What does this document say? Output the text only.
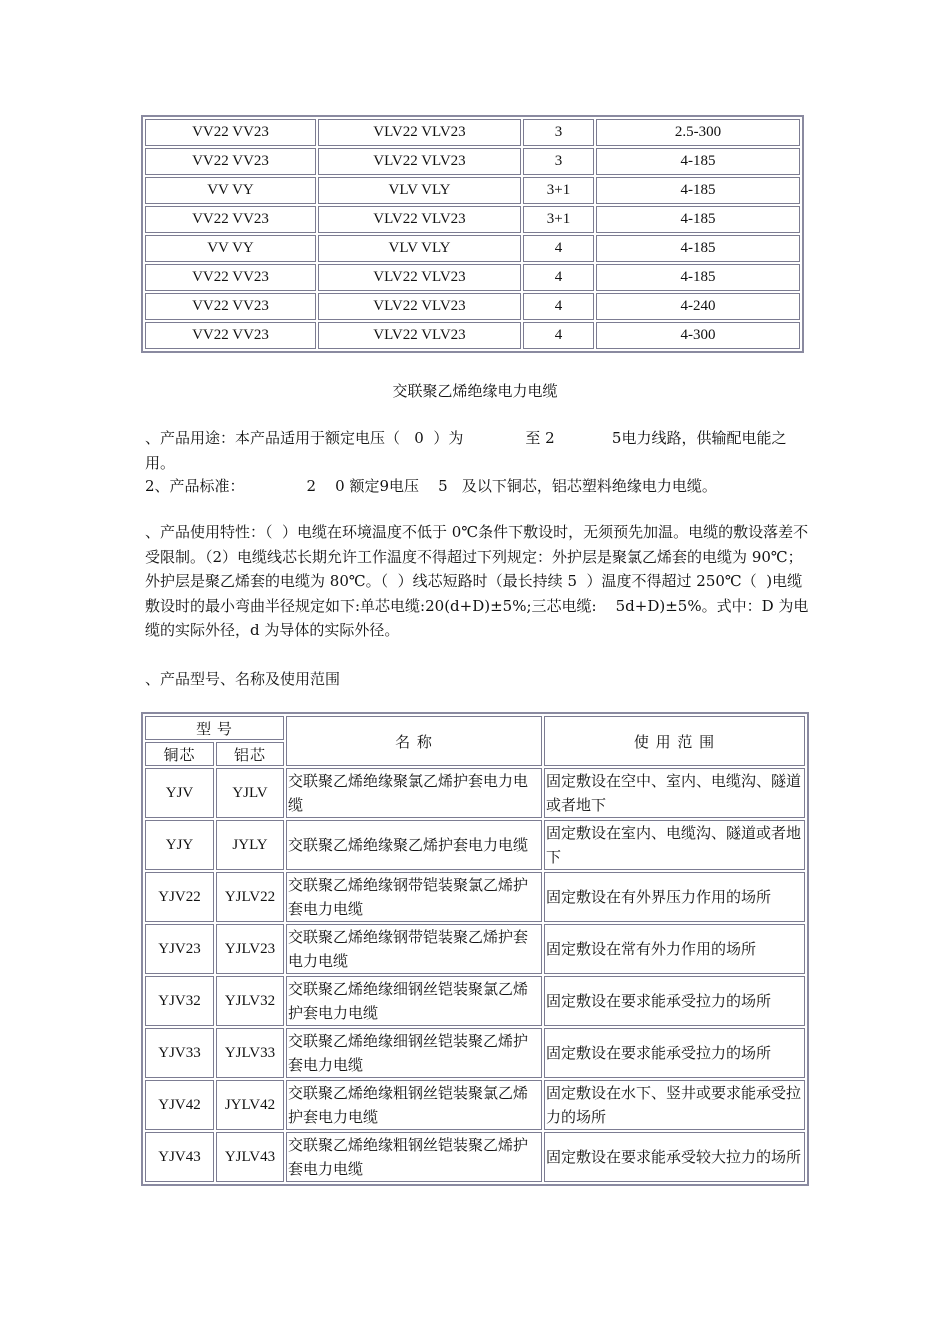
VV22 VV23	VLV22 VLV23	3	2.5-300
VV22 VV23	VLV22 VLV23	3	4-185
VV VY	VLV VLY	3+1	4-185
VV22 VV23	VLV22 VLV23	3+1	4-185
VV VY	VLV VLY	4	4-185
VV22 VV23	VLV22 VLV23	4	4-185
VV22 VV23	VLV22 VLV23	4	4-240
VV22 VV23	VLV22 VLV23	4	4-300
交联聚乙烯绝缘电力电缆
、产品用途：本产品适用于额定电压（   0  ）为             至 2            5电力线路，供输配电能之用。
2、产品标准：             2    0 额定9电压    5   及以下铜芯，铝芯塑料绝缘电力电缆。
、产品使用特性：（  ）电缆在环境温度不低于 0℃条件下敷设时，无须预先加温。电缆的敷设落差不受限制。（2）电缆线芯长期允许工作温度不得超过下列规定：外护层是聚氯乙烯套的电缆为 90℃；外护层是聚乙烯套的电缆为 80℃。（  ）线芯短路时（最长持续 5  ）温度不得超过 250℃（  )电缆敷设时的最小弯曲半径规定如下:单芯电缆:20(d+D)±5%;三芯电缆:    5d+D)±5%。式中：D 为电缆的实际外径，d 为导体的实际外径。
、产品型号、名称及使用范围
型 号		名 称	使 用 范 围
铜芯	铝芯		
YJV	YJLV	交联聚乙烯绝缘聚氯乙烯护套电力电缆	固定敷设在空中、室内、电缆沟、隧道或者地下
YJY	JYLY	交联聚乙烯绝缘聚乙烯护套电力电缆	固定敷设在室内、电缆沟、隧道或者地下
YJV22	YJLV22	交联聚乙烯绝缘钢带铠装聚氯乙烯护套电力电缆	固定敷设在有外界压力作用的场所
YJV23	YJLV23	交联聚乙烯绝缘钢带铠装聚乙烯护套电力电缆	固定敷设在常有外力作用的场所
YJV32	YJLV32	交联聚乙烯绝缘细钢丝铠装聚氯乙烯护套电力电缆	固定敷设在要求能承受拉力的场所
YJV33	YJLV33	交联聚乙烯绝缘细钢丝铠装聚乙烯护套电力电缆	固定敷设在要求能承受拉力的场所
YJV42	JYLV42	交联聚乙烯绝缘粗钢丝铠装聚氯乙烯护套电力电缆	固定敷设在水下、竖井或要求能承受拉力的场所
YJV43	YJLV43	交联聚乙烯绝缘粗钢丝铠装聚乙烯护套电力电缆	固定敷设在要求能承受较大拉力的场所
